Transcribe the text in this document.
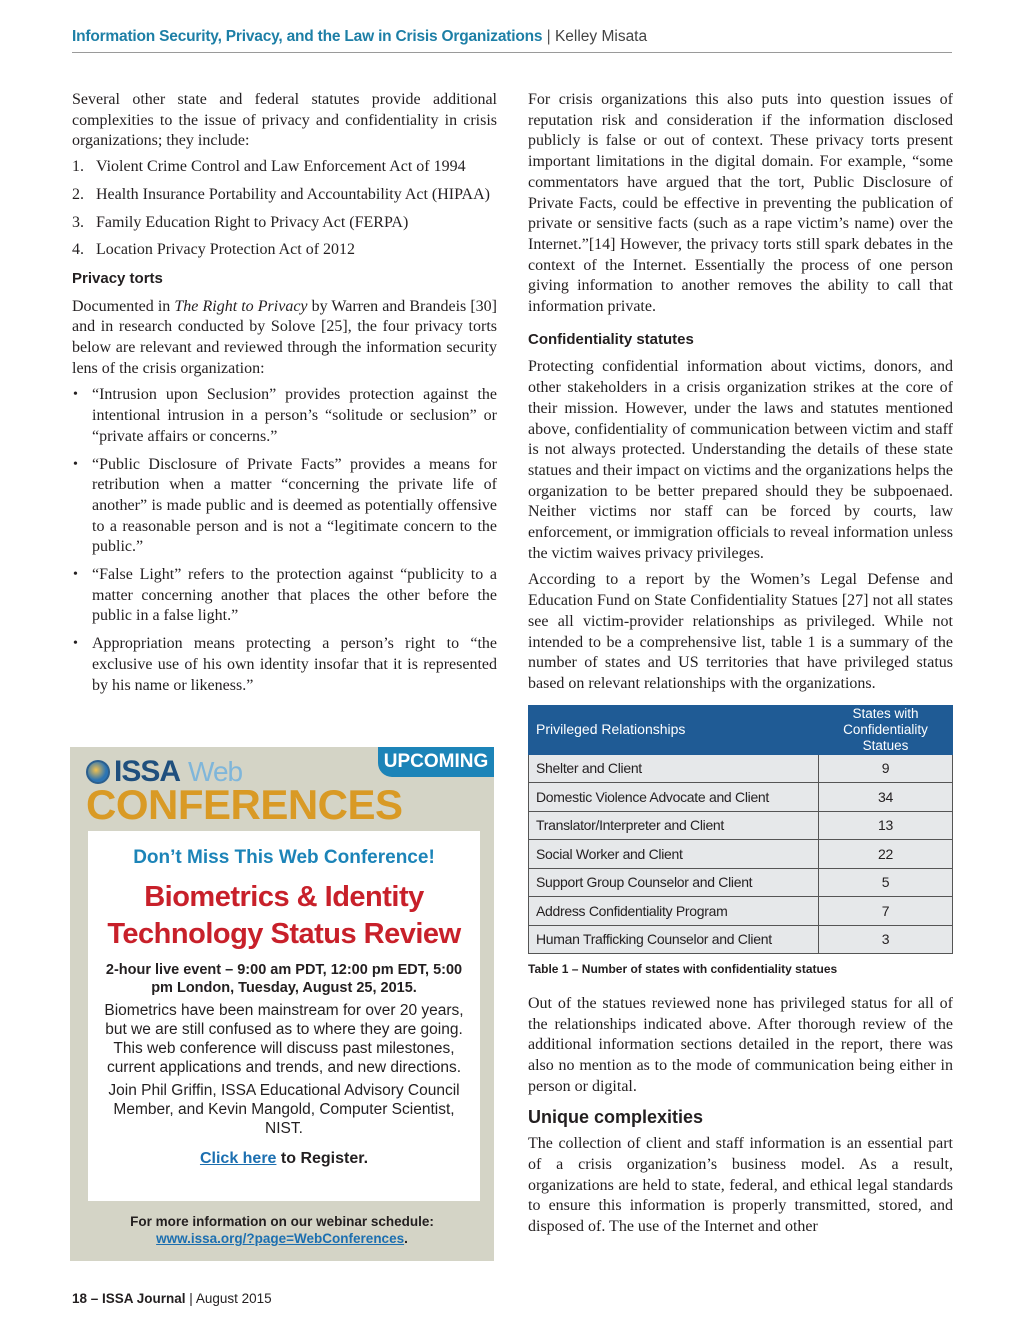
Information Security, Privacy, and the Law in Crisis Organizations | Kelley Misata

Several other state and federal statutes provide additional complexities to the issue of privacy and confidentiality in crisis organizations; they include:

1. Violent Crime Control and Law Enforcement Act of 1994
2. Health Insurance Portability and Accountability Act (HIPAA)
3. Family Education Right to Privacy Act (FERPA)
4. Location Privacy Protection Act of 2012
Privacy torts

Documented in The Right to Privacy by Warren and Brandeis [30] and in research conducted by Solove [25], the four privacy torts below are relevant and reviewed through the information security lens of the crisis organization:

• “Intrusion upon Seclusion” provides protection against the intentional intrusion in a person’s “solitude or seclusion” or “private affairs or concerns.”
• “Public Disclosure of Private Facts” provides a means for retribution when a matter “concerning the private life of another” is made public and is deemed as potentially offensive to a reasonable person and is not a “legitimate concern to the public.”
• “False Light” refers to the protection against “publicity to a matter concerning another that places the other before the public in a false light.”
• Appropriation means protecting a person’s right to “the exclusive use of his own identity insofar that it is represented by his name or likeness.”
UPCOMING
ISSA Web
CONFERENCES
Don’t Miss This Web Conference!
Biometrics & Identity
Technology Status Review
2-hour live event – 9:00 am PDT, 12:00 pm EDT, 5:00 pm London, Tuesday, August 25, 2015.
Biometrics have been mainstream for over 20 years, but we are still confused as to where they are going. This web conference will discuss past milestones, current applications and trends, and new directions.
Join Phil Griffin, ISSA Educational Advisory Council Member, and Kevin Mangold, Computer Scientist, NIST.
Click here to Register.
For more information on our webinar schedule:
www.issa.org/?page=WebConferences.

For crisis organizations this also puts into question issues of reputation risk and consideration if the information disclosed publicly is false or out of context. These privacy torts present important limitations in the digital domain. For example, “some commentators have argued that the tort, Public Disclosure of Private Facts, could be effective in preventing the publication of private or sensitive facts (such as a rape victim’s name) over the Internet.”[14] However, the privacy torts still spark debates in the context of the Internet. Essentially the process of one person giving information to another removes the ability to call that information private.

Confidentiality statutes

Protecting confidential information about victims, donors, and other stakeholders in a crisis organization strikes at the core of their mission. However, under the laws and statutes mentioned above, confidentiality of communication between victim and staff is not always protected. Understanding the details of these state statues and their impact on victims and the organizations helps the organization to be better prepared should they be subpoenaed. Neither victims nor staff can be forced by courts, law enforcement, or immigration officials to reveal information unless the victim waives privacy privileges.

According to a report by the Women’s Legal Defense and Education Fund on State Confidentiality Statues [27] not all states see all victim-provider relationships as privileged. While not intended to be a comprehensive list, table 1 is a summary of the number of states and US territories that have privileged status based on relevant relationships with the organizations.

Privileged Relationships	States with
Confidentiality Statues

Shelter and Client	9
Domestic Violence Advocate and Client	34
Translator/Interpreter and Client	13
Social Worker and Client	22
Support Group Counselor and Client	5
Address Confidentiality Program	7
Human Trafficking Counselor and Client	3
Table 1 – Number of states with confidentiality statues

Out of the statues reviewed none has privileged status for all of the relationships indicated above. After thorough review of the additional information sections detailed in the report, there was also no mention as to the mode of communication being either in person or digital.

Unique complexities

The collection of client and staff information is an essential part of a crisis organization’s business model. As a result, organizations are held to state, federal, and ethical legal standards to ensure this information is properly transmitted, stored, and disposed of. The use of the Internet and other

18 – ISSA Journal | August 2015
